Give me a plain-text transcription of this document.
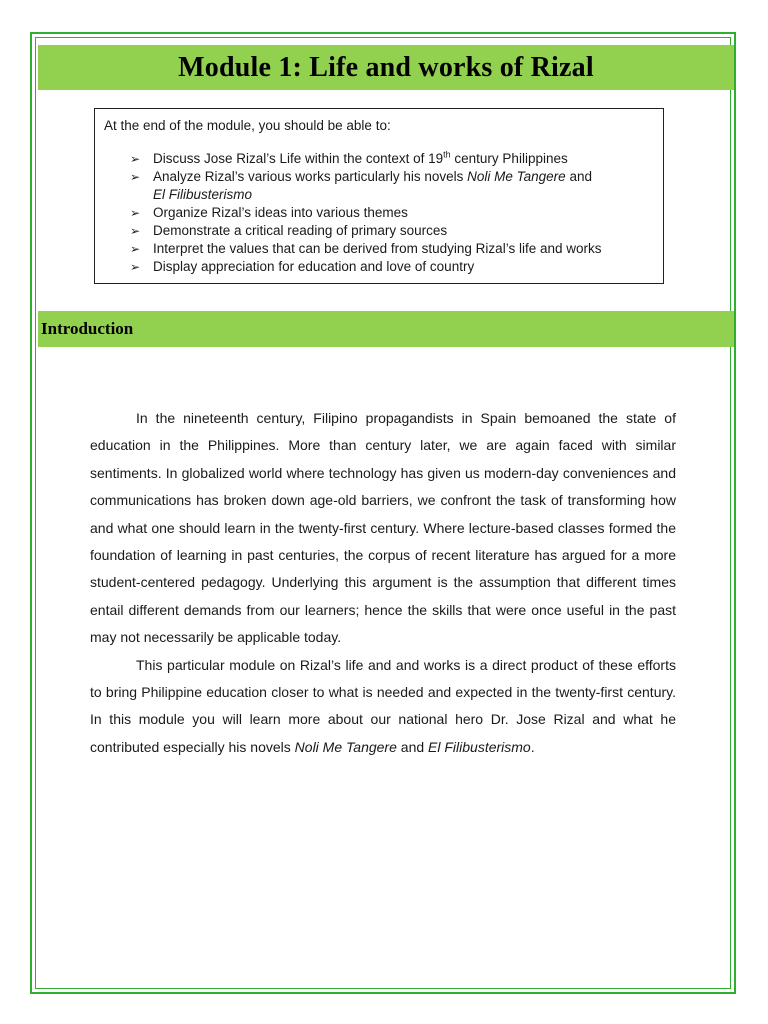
Module 1: Life and works of Rizal

At the end of the module, you should be able to:

➢ Discuss Jose Rizal’s Life within the context of 19th century Philippines
➢ Analyze Rizal’s various works particularly his novels Noli Me Tangere and
El Filibusterismo
➢ Organize Rizal’s ideas into various themes
➢ Demonstrate a critical reading of primary sources
➢ Interpret the values that can be derived from studying Rizal’s life and works
➢ Display appreciation for education and love of country
Introduction

In the nineteenth century, Filipino propagandists in Spain bemoaned the state of education in the Philippines. More than century later, we are again faced with similar sentiments. In globalized world where technology has given us modern-day conveniences and communications has broken down age-old barriers, we confront the task of transforming how and what one should learn in the twenty-first century. Where lecture-based classes formed the foundation of learning in past centuries, the corpus of recent literature has argued for a more student-centered pedagogy. Underlying this argument is the assumption that different times entail different demands from our learners; hence the skills that were once useful in the past may not necessarily be applicable today.

This particular module on Rizal’s life and and works is a direct product of these efforts to bring Philippine education closer to what is needed and expected in the twenty-first century. In this module you will learn more about our national hero Dr. Jose Rizal and what he contributed especially his novels Noli Me Tangere and El Filibusterismo.
